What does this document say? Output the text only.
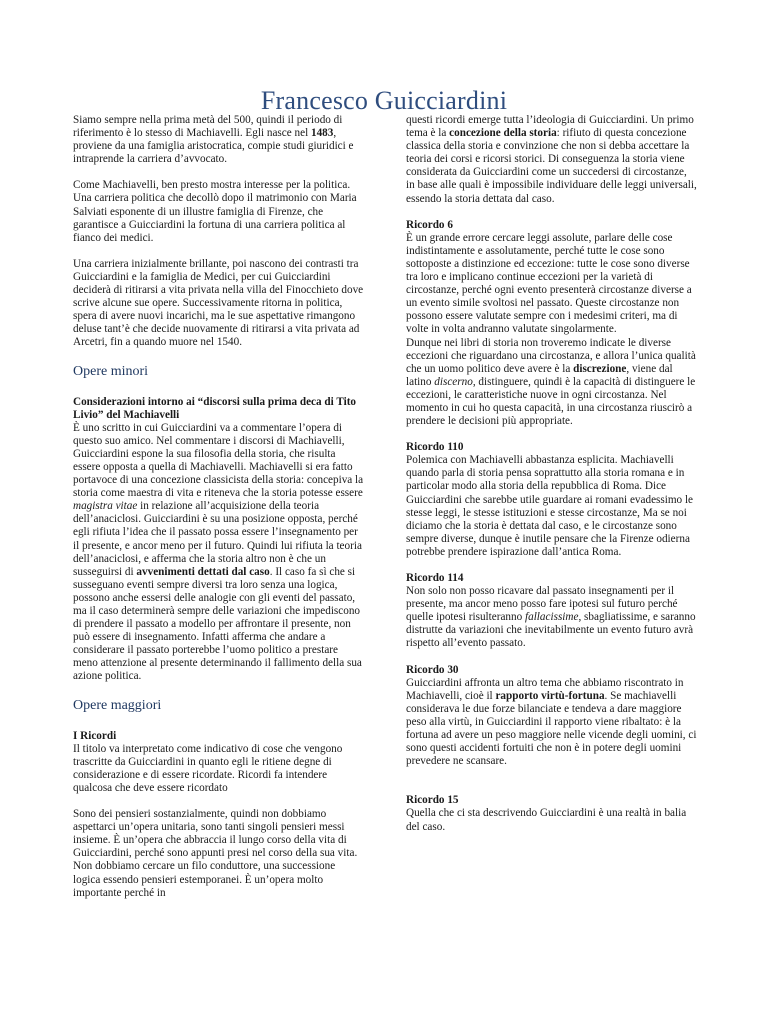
Francesco Guicciardini

Siamo sempre nella prima metà del 500, quindi il periodo di riferimento è lo stesso di Machiavelli. Egli nasce nel 1483, proviene da una famiglia aristocratica, compie studi giuridici e intraprende la carriera d’avvocato.

Come Machiavelli, ben presto mostra interesse per la politica. Una carriera politica che decollò dopo il matrimonio con Maria Salviati esponente di un illustre famiglia di Firenze, che garantisce a Guicciardini la fortuna di una carriera politica al fianco dei medici.

Una carriera inizialmente brillante, poi nascono dei contrasti tra Guicciardini e la famiglia de Medici, per cui Guicciardini deciderà di ritirarsi a vita privata nella villa del Finocchieto dove scrive alcune sue opere. Successivamente ritorna in politica, spera di avere nuovi incarichi, ma le sue aspettative rimangono deluse tant’è che decide nuovamente di ritirarsi a vita privata ad Arcetri, fin a quando muore nel 1540.

Opere minori
Considerazioni intorno ai “discorsi sulla prima deca di Tito Livio” del Machiavelli

È uno scritto in cui Guicciardini va a commentare l’opera di questo suo amico. Nel commentare i discorsi di Machiavelli, Guicciardini espone la sua filosofia della storia, che risulta essere opposta a quella di Machiavelli. Machiavelli si era fatto portavoce di una concezione classicista della storia: concepiva la storia come maestra di vita e riteneva che la storia potesse essere magistra vitae in relazione all’acquisizione della teoria dell’anaciclosi. Guicciardini è su una posizione opposta, perché egli rifiuta l’idea che il passato possa essere l’insegnamento per il presente, e ancor meno per il futuro. Quindi lui rifiuta la teoria dell’anaciclosi, e afferma che la storia altro non è che un susseguirsi di avvenimenti dettati dal caso. Il caso fa sì che si susseguano eventi sempre diversi tra loro senza una logica, possono anche essersi delle analogie con gli eventi del passato, ma il caso determinerà sempre delle variazioni che impediscono di prendere il passato a modello per affrontare il presente, non può essere di insegnamento. Infatti afferma che andare a considerare il passato porterebbe l’uomo politico a prestare meno attenzione al presente determinando il fallimento della sua azione politica.

Opere maggiori
I Ricordi

Il titolo va interpretato come indicativo di cose che vengono trascritte da Guicciardini in quanto egli le ritiene degne di considerazione e di essere ricordate. Ricordi fa intendere qualcosa che deve essere ricordato

Sono dei pensieri sostanzialmente, quindi non dobbiamo aspettarci un’opera unitaria, sono tanti singoli pensieri messi insieme. È un’opera che abbraccia il lungo corso della vita di Guicciardini, perché sono appunti presi nel corso della sua vita. Non dobbiamo cercare un filo conduttore, una successione logica essendo pensieri estemporanei. È un’opera molto importante perché in

questi ricordi emerge tutta l’ideologia di Guicciardini. Un primo tema è la concezione della storia: rifiuto di questa concezione classica della storia e convinzione che non si debba accettare la teoria dei corsi e ricorsi storici. Di conseguenza la storia viene considerata da Guicciardini come un succedersi di circostanze, in base alle quali è impossibile individuare delle leggi universali, essendo la storia dettata dal caso.

Ricordo 6

È un grande errore cercare leggi assolute, parlare delle cose indistintamente e assolutamente, perché tutte le cose sono sottoposte a distinzione ed eccezione: tutte le cose sono diverse tra loro e implicano continue eccezioni per la varietà di circostanze, perché ogni evento presenterà circostanze diverse a un evento simile svoltosi nel passato. Queste circostanze non possono essere valutate sempre con i medesimi criteri, ma di volte in volta andranno valutate singolarmente.

Dunque nei libri di storia non troveremo indicate le diverse eccezioni che riguardano una circostanza, e allora l’unica qualità che un uomo politico deve avere è la discrezione, viene dal latino discerno, distinguere, quindi è la capacità di distinguere le eccezioni, le caratteristiche nuove in ogni circostanza. Nel momento in cui ho questa capacità, in una circostanza riuscirò a prendere le decisioni più appropriate.

Ricordo 110

Polemica con Machiavelli abbastanza esplicita. Machiavelli quando parla di storia pensa soprattutto alla storia romana e in particolar modo alla storia della repubblica di Roma. Dice Guicciardini che sarebbe utile guardare ai romani evadessimo le stesse leggi, le stesse istituzioni e stesse circostanze, Ma se noi diciamo che la storia è dettata dal caso, e le circostanze sono sempre diverse, dunque è inutile pensare che la Firenze odierna potrebbe prendere ispirazione dall’antica Roma.

Ricordo 114

Non solo non posso ricavare dal passato insegnamenti per il presente, ma ancor meno posso fare ipotesi sul futuro perché quelle ipotesi risulteranno fallacissime, sbagliatissime, e saranno distrutte da variazioni che inevitabilmente un evento futuro avrà rispetto all’evento passato.

Ricordo 30

Guicciardini affronta un altro tema che abbiamo riscontrato in Machiavelli, cioè il rapporto virtù-fortuna. Se machiavelli considerava le due forze bilanciate e tendeva a dare maggiore peso alla virtù, in Guicciardini il rapporto viene ribaltato: è la fortuna ad avere un peso maggiore nelle vicende degli uomini, ci sono questi accidenti fortuiti che non è in potere degli uomini prevedere ne scansare.

Ricordo 15

Quella che ci sta descrivendo Guicciardini è una realtà in balia del caso.
